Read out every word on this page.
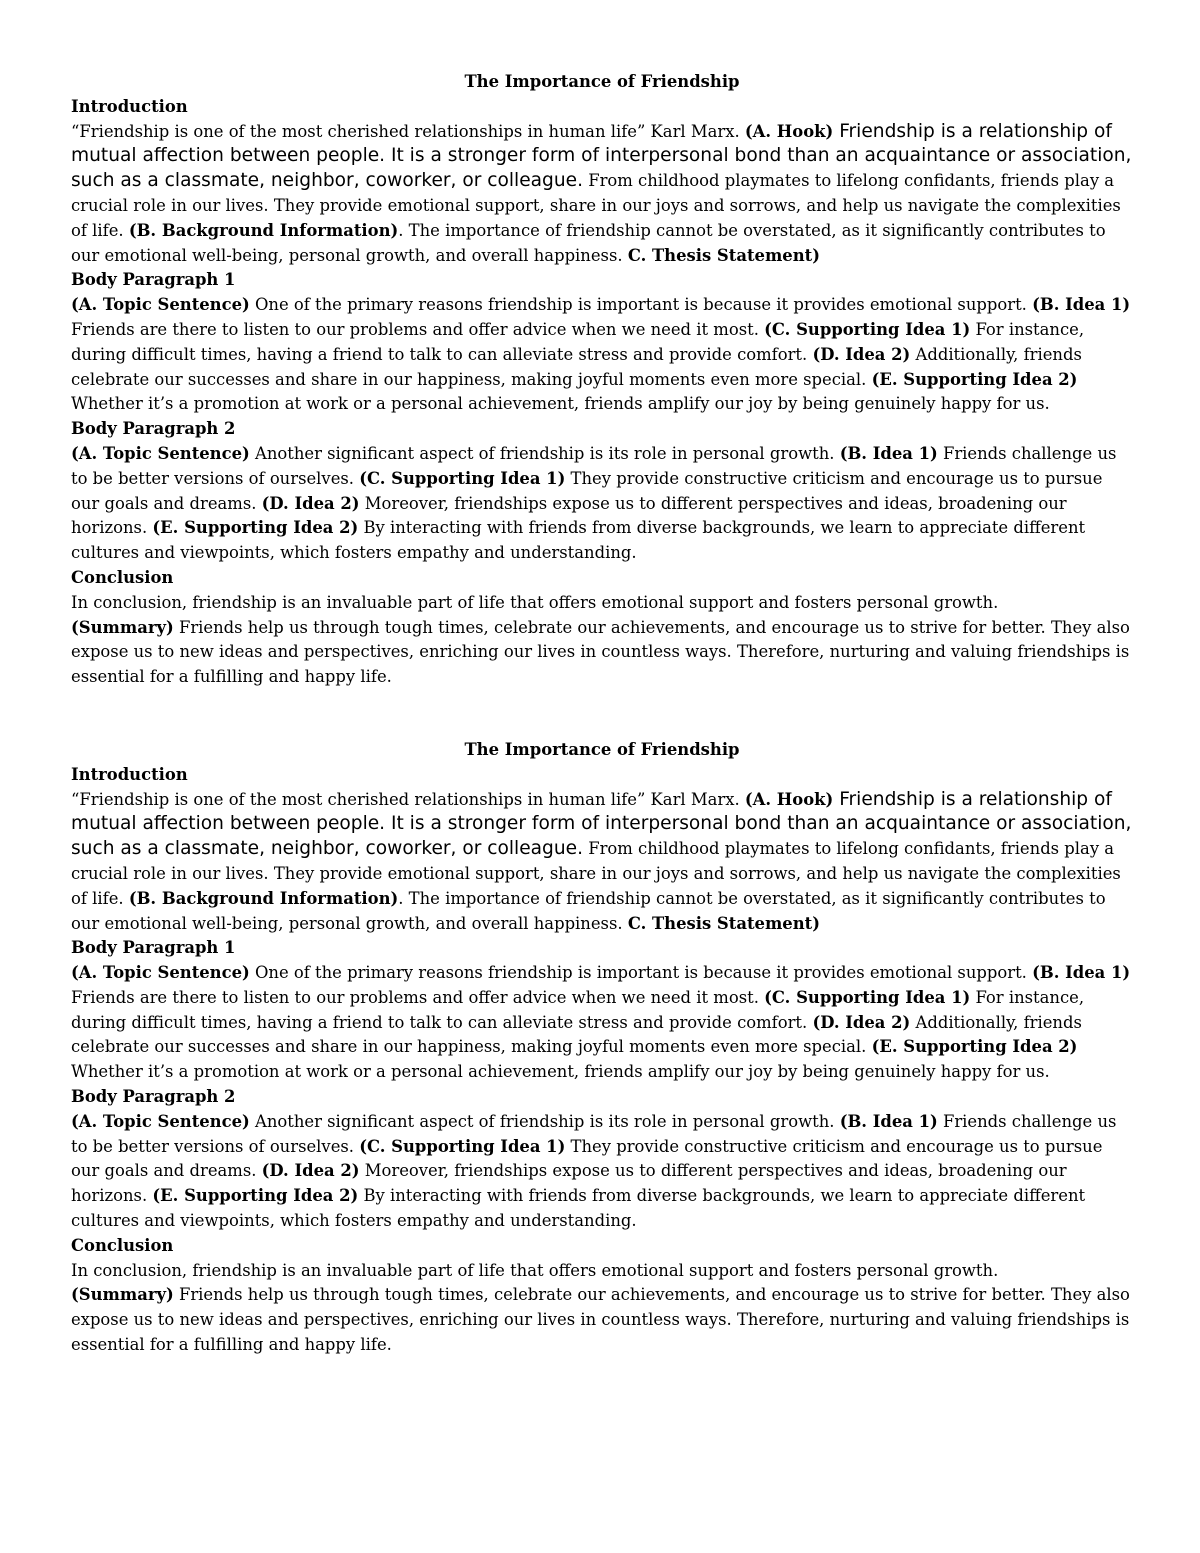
The Importance of Friendship

Introduction

“Friendship is one of the most cherished relationships in human life” Karl Marx. (A. Hook) Friendship is a relationship of mutual affection between people. It is a stronger form of interpersonal bond than an acquaintance or association, such as a classmate, neighbor, coworker, or colleague. From childhood playmates to lifelong confidants, friends play a crucial role in our lives. They provide emotional support, share in our joys and sorrows, and help us navigate the complexities of life. (B. Background Information). The importance of friendship cannot be overstated, as it significantly contributes to our emotional well-being, personal growth, and overall happiness. C. Thesis Statement)

Body Paragraph 1

(A. Topic Sentence) One of the primary reasons friendship is important is because it provides emotional support. (B. Idea 1) Friends are there to listen to our problems and offer advice when we need it most. (C. Supporting Idea 1) For instance, during difficult times, having a friend to talk to can alleviate stress and provide comfort. (D. Idea 2) Additionally, friends celebrate our successes and share in our happiness, making joyful moments even more special. (E. Supporting Idea 2) Whether it’s a promotion at work or a personal achievement, friends amplify our joy by being genuinely happy for us.

Body Paragraph 2

(A. Topic Sentence) Another significant aspect of friendship is its role in personal growth. (B. Idea 1) Friends challenge us to be better versions of ourselves. (C. Supporting Idea 1) They provide constructive criticism and encourage us to pursue our goals and dreams. (D. Idea 2) Moreover, friendships expose us to different perspectives and ideas, broadening our horizons. (E. Supporting Idea 2) By interacting with friends from diverse backgrounds, we learn to appreciate different cultures and viewpoints, which fosters empathy and understanding.

Conclusion

In conclusion, friendship is an invaluable part of life that offers emotional support and fosters personal growth.
(Summary) Friends help us through tough times, celebrate our achievements, and encourage us to strive for better. They also expose us to new ideas and perspectives, enriching our lives in countless ways. Therefore, nurturing and valuing friendships is essential for a fulfilling and happy life.

The Importance of Friendship

Introduction

“Friendship is one of the most cherished relationships in human life” Karl Marx. (A. Hook) Friendship is a relationship of mutual affection between people. It is a stronger form of interpersonal bond than an acquaintance or association, such as a classmate, neighbor, coworker, or colleague. From childhood playmates to lifelong confidants, friends play a crucial role in our lives. They provide emotional support, share in our joys and sorrows, and help us navigate the complexities of life. (B. Background Information). The importance of friendship cannot be overstated, as it significantly contributes to our emotional well-being, personal growth, and overall happiness. C. Thesis Statement)

Body Paragraph 1

(A. Topic Sentence) One of the primary reasons friendship is important is because it provides emotional support. (B. Idea 1) Friends are there to listen to our problems and offer advice when we need it most. (C. Supporting Idea 1) For instance, during difficult times, having a friend to talk to can alleviate stress and provide comfort. (D. Idea 2) Additionally, friends celebrate our successes and share in our happiness, making joyful moments even more special. (E. Supporting Idea 2) Whether it’s a promotion at work or a personal achievement, friends amplify our joy by being genuinely happy for us.

Body Paragraph 2

(A. Topic Sentence) Another significant aspect of friendship is its role in personal growth. (B. Idea 1) Friends challenge us to be better versions of ourselves. (C. Supporting Idea 1) They provide constructive criticism and encourage us to pursue our goals and dreams. (D. Idea 2) Moreover, friendships expose us to different perspectives and ideas, broadening our horizons. (E. Supporting Idea 2) By interacting with friends from diverse backgrounds, we learn to appreciate different cultures and viewpoints, which fosters empathy and understanding.

Conclusion

In conclusion, friendship is an invaluable part of life that offers emotional support and fosters personal growth.
(Summary) Friends help us through tough times, celebrate our achievements, and encourage us to strive for better. They also expose us to new ideas and perspectives, enriching our lives in countless ways. Therefore, nurturing and valuing friendships is essential for a fulfilling and happy life.
